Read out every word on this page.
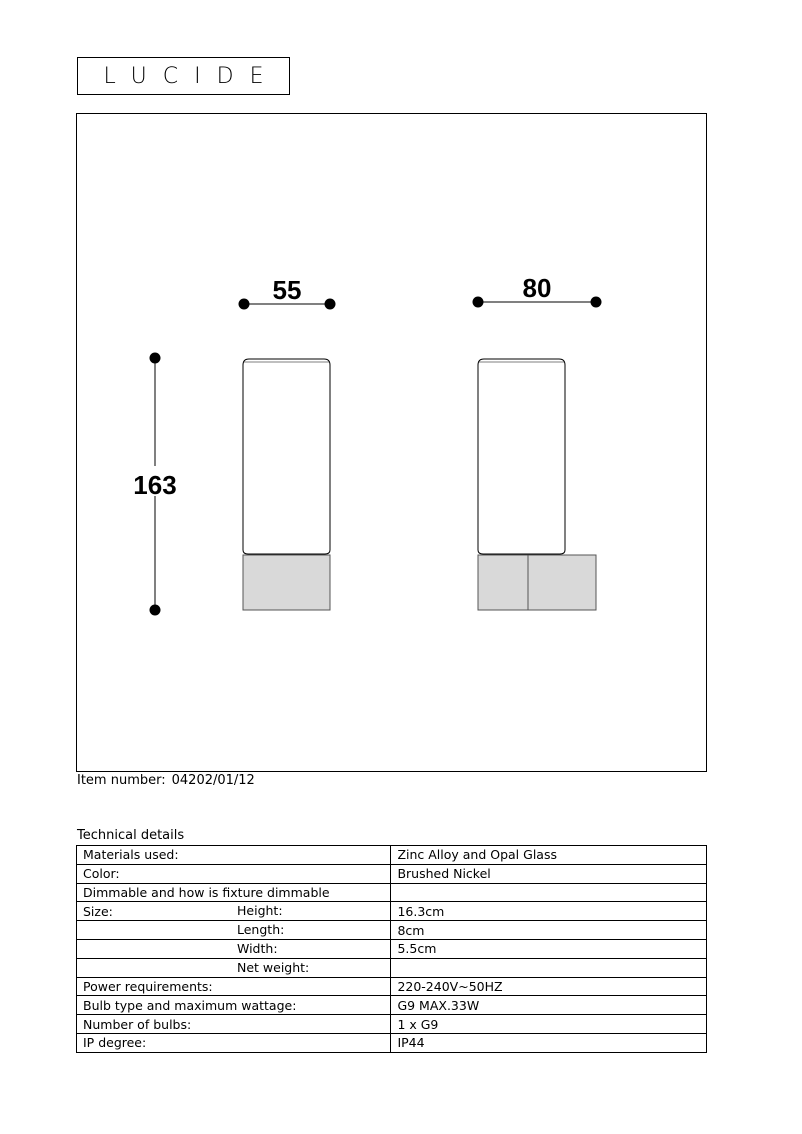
LUCIDE
55	80
163
Item number: 04202/01/12
Technical details
Materials used:	Zinc Alloy and Opal Glass
Color:	Brushed Nickel
Dimmable and how is fixture dimmable	
Size: Height:	16.3cm

Length:	8cm

Width:	5.5cm

Net weight:	

Power requirements:	220-240V~50HZ
Bulb type and maximum wattage:	G9 MAX.33W
Number of bulbs:	1 x G9
IP degree:	IP44
